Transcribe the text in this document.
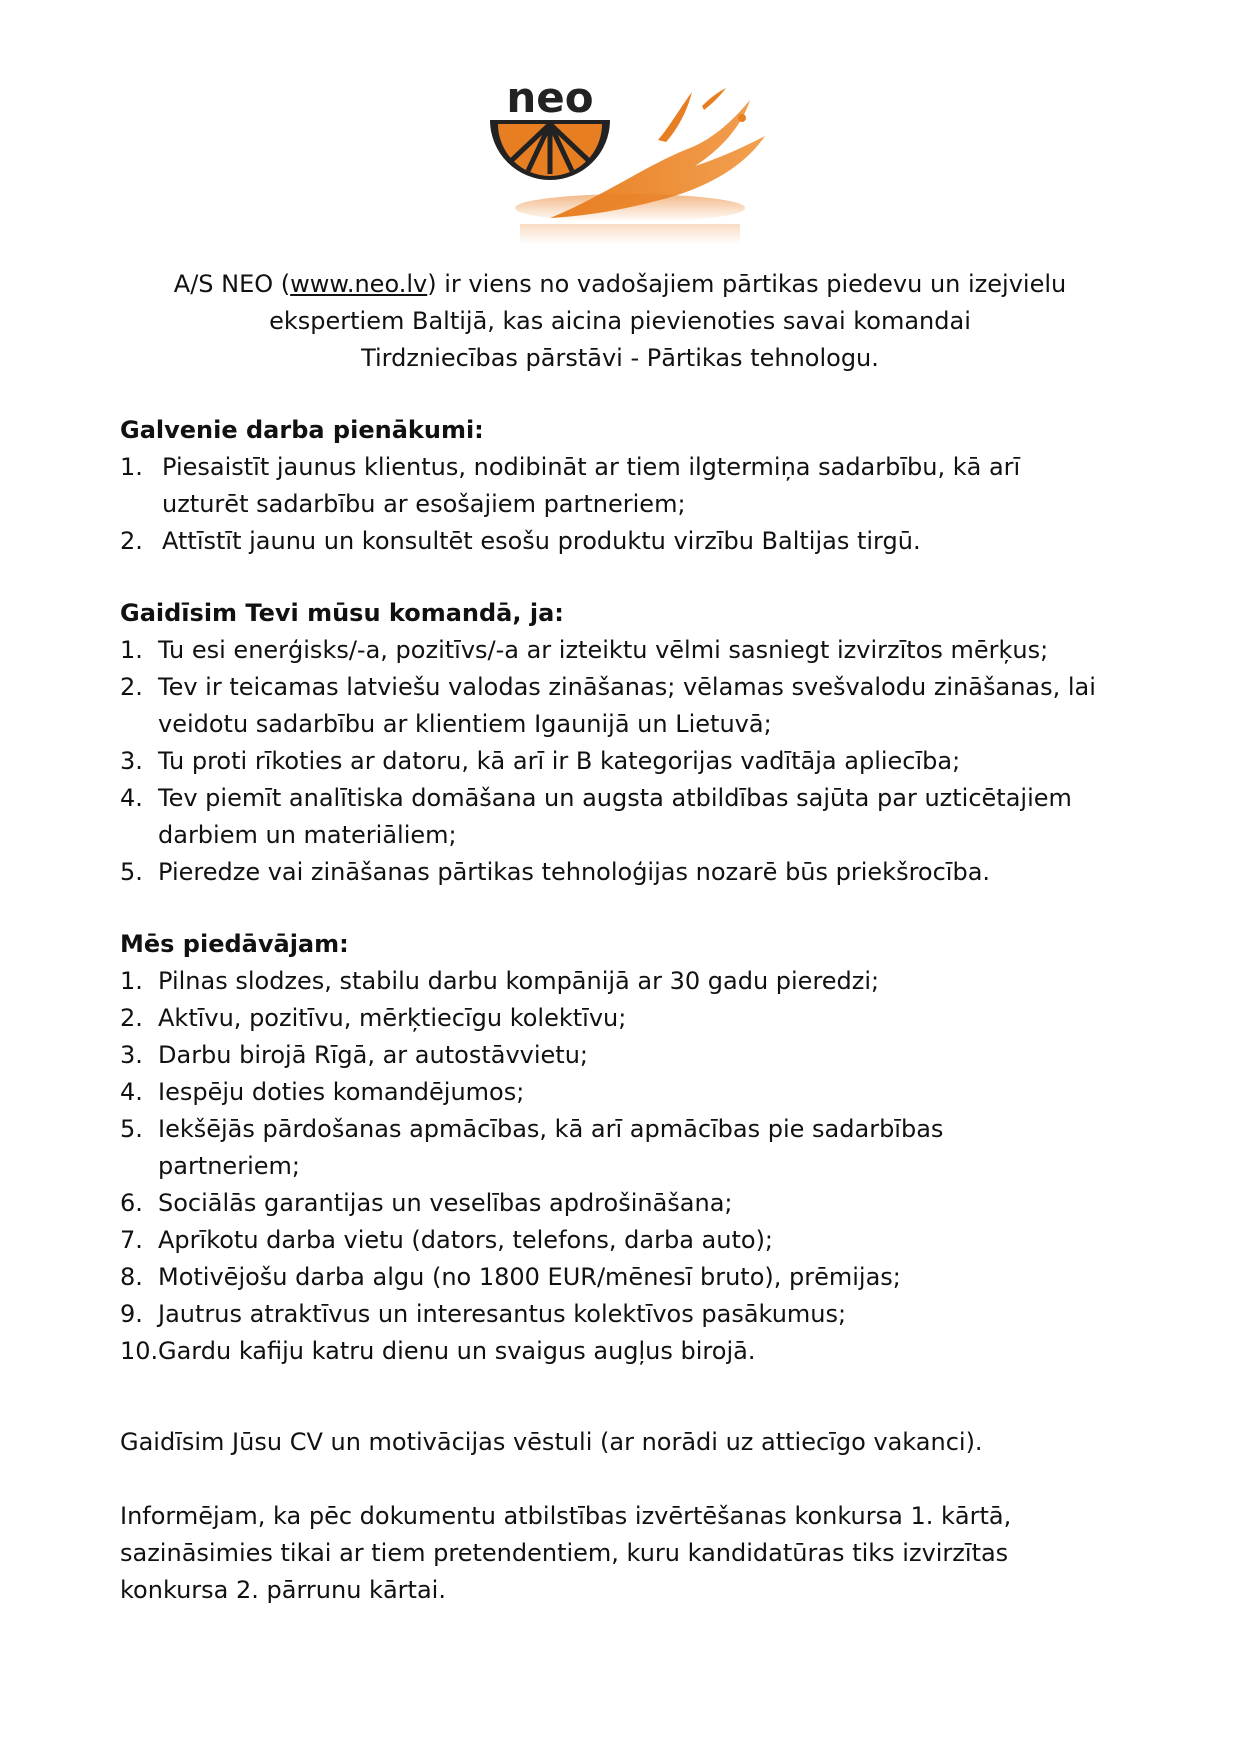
neo

A/S NEO (www.neo.lv) ir viens no vadošajiem pārtikas piedevu un izejvielu

ekspertiem Baltijā, kas aicina pievienoties savai komandai

Tirdzniecības pārstāvi - Pārtikas tehnologu.

Galvenie darba pienākumi:

1. Piesaistīt jaunus klientus, nodibināt ar tiem ilgtermiņa sadarbību, kā arī uzturēt sadarbību ar esošajiem partneriem;
2. Attīstīt jaunu un konsultēt esošu produktu virzību Baltijas tirgū.

Gaidīsim Tevi mūsu komandā, ja:

1. Tu esi enerģisks/-a, pozitīvs/-a ar izteiktu vēlmi sasniegt izvirzītos mērķus;
2. Tev ir teicamas latviešu valodas zināšanas; vēlamas svešvalodu zināšanas, lai veidotu sadarbību ar klientiem Igaunijā un Lietuvā;
3. Tu proti rīkoties ar datoru, kā arī ir B kategorijas vadītāja apliecība;
4. Tev piemīt analītiska domāšana un augsta atbildības sajūta par uzticētajiem darbiem un materiāliem;
5. Pieredze vai zināšanas pārtikas tehnoloģijas nozarē būs priekšrocība.

Mēs piedāvājam:

1. Pilnas slodzes, stabilu darbu kompānijā ar 30 gadu pieredzi;
2. Aktīvu, pozitīvu, mērķtiecīgu kolektīvu;
3. Darbu birojā Rīgā, ar autostāvvietu;
4. Iespēju doties komandējumos;
5. Iekšējās pārdošanas apmācības, kā arī apmācības pie sadarbības partneriem;
6. Sociālās garantijas un veselības apdrošināšana;
7. Aprīkotu darba vietu (dators, telefons, darba auto);
8. Motivējošu darba algu (no 1800 EUR/mēnesī bruto), prēmijas;
9. Jautrus atraktīvus un interesantus kolektīvos pasākumus;
10. Gardu kafiju katru dienu un svaigus augļus birojā.

Gaidīsim Jūsu CV un motivācijas vēstuli (ar norādi uz attiecīgo vakanci).

Informējam, ka pēc dokumentu atbilstības izvērtēšanas konkursa 1. kārtā, sazināsimies tikai ar tiem pretendentiem, kuru kandidatūras tiks izvirzītas konkursa 2. pārrunu kārtai.
